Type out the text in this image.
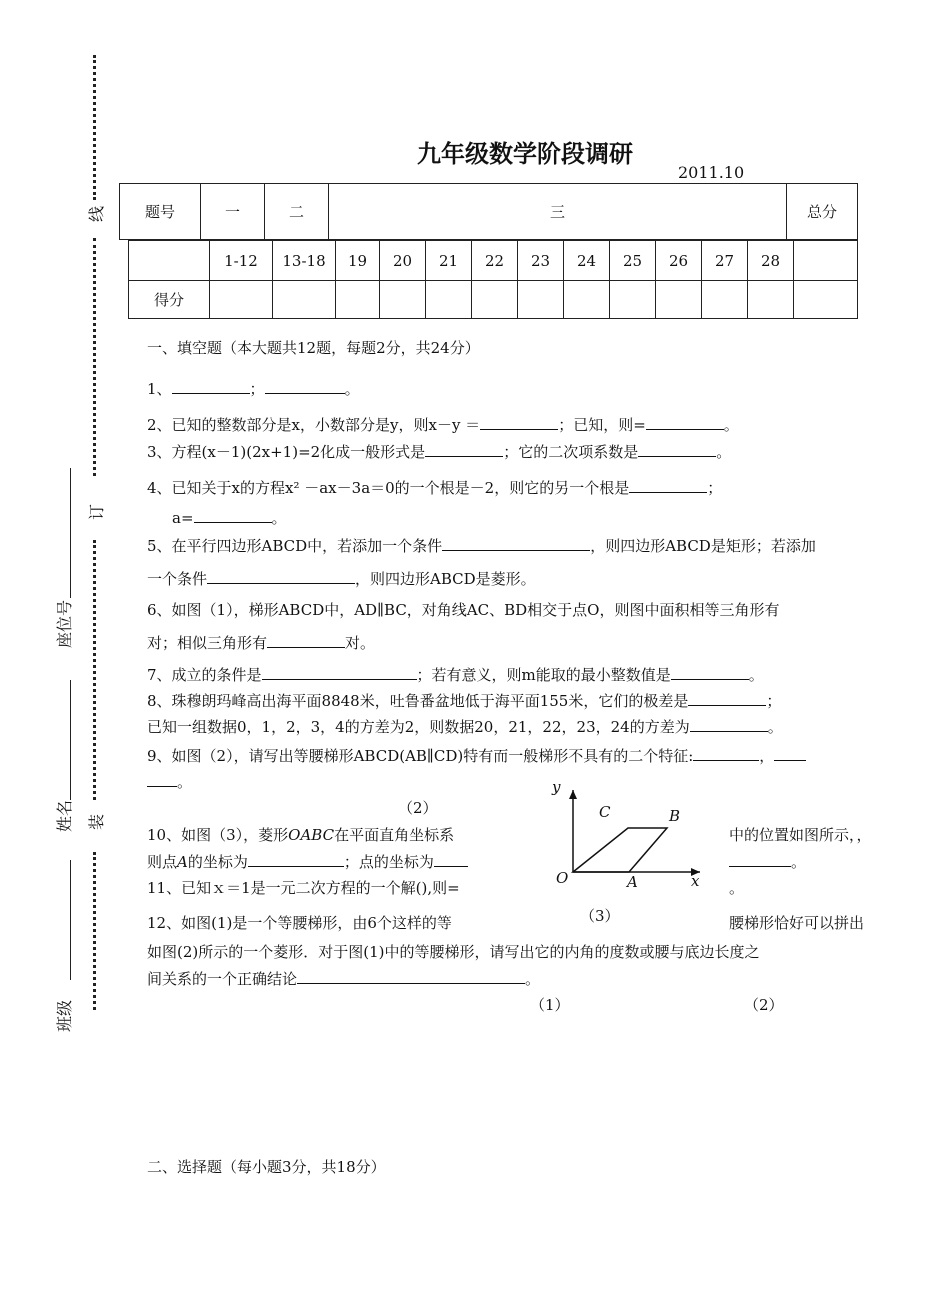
线
订
装
座位号
姓名
班级
九年级数学阶段调研
2011.10
题号	一	二	三	总分
	1-12	13-18	19	20	21	22	23	24	25	26	27	28	
得分													
一、填空题（本大题共12题，每题2分，共24分）
1、	；	。
2、已知的整数部分是x，小数部分是y，则x－y ＝	；已知，则=	。
3、方程(x－1)(2x+1)=2化成一般形式是	；它的二次项系数是	。
4、已知关于x的方程x² －ax－3a＝0的一个根是－2，则它的另一个根是	；
a=	。
5、在平行四边形ABCD中，若添加一个条件	，则四边形ABCD是矩形；若添加
一个条件	，则四边形ABCD是菱形。
6、如图（1），梯形ABCD中，AD∥BC，对角线AC、BD相交于点O，则图中面积相等三角形有
对；相似三角形有	对。
7、成立的条件是	；若有意义，则m能取的最小整数值是	。
8、珠穆朗玛峰高出海平面8848米，吐鲁番盆地低于海平面155米，它们的极差是	；
已知一组数据0，1，2，3，4的方差为2，则数据20，21，22，23，24的方差为	。
9、如图（2），请写出等腰梯形ABCD(AB∥CD)特有而一般梯形不具有的二个特征:	，
。
（2）
y
x
O	A
B
C
（3）
10、如图（3），菱形OABC在平面直角坐标系	中的位置如图所示，，
则点A的坐标为	；点的坐标为	。
11、已知ｘ＝1是一元二次方程的一个解(),则=	。
12、如图(1)是一个等腰梯形，由6个这样的等	腰梯形恰好可以拼出
如图(2)所示的一个菱形．对于图(1)中的等腰梯形，请写出它的内角的度数或腰与底边长度之
间关系的一个正确结论	。
（1）	（2）
二、选择题（每小题3分，共18分）
